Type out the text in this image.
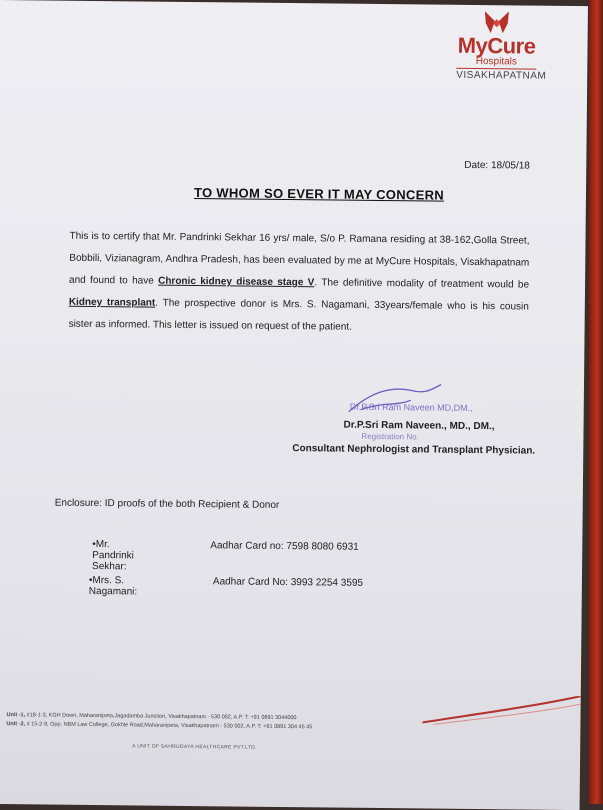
MyCure
Hospitals
VISAKHAPATNAM
Date: 18/05/18
TO WHOM SO EVER IT MAY CONCERN
This is to certify that Mr. Pandrinki Sekhar 16 yrs/ male, S/o P. Ramana residing at 38-162,Golla Street, Bobbili, Vizianagram, Andhra Pradesh, has been evaluated by me at MyCure Hospitals, Visakhapatnam and found to have Chronic kidney disease stage V. The definitive modality of treatment would be Kidney transplant. The prospective donor is Mrs. S. Nagamani, 33years/female who is his cousin sister as informed. This letter is issued on request of the patient.
Dr.P.Sri Ram Naveen MD,DM.,
Dr.P.Sri Ram Naveen., MD., DM.,
Registration No.
Consultant Nephrologist and Transplant Physician.
Enclosure: ID proofs of the both Recipient & Donor
•Mr. Pandrinki Sekhar:
Aadhar Card no: 7598 8080 6931
•Mrs. S. Nagamani:
Aadhar Card No: 3993 2254 3595
Unit -1, #18-1-3, KGH Down, Maharanipeta,Jagadamba Junction, Visakhapatnam - 530 002, A.P. T: +91 0891 3044000
Unit -2, # 15-2-9, Opp. NBM Law College, Gokhle Road,Maharanipeta, Visakhapatnam - 530 002, A.P. T: +91 0891 304 45 45
A UNIT OF SAHRUDAYA HEALTHCARE PVT.LTD.
